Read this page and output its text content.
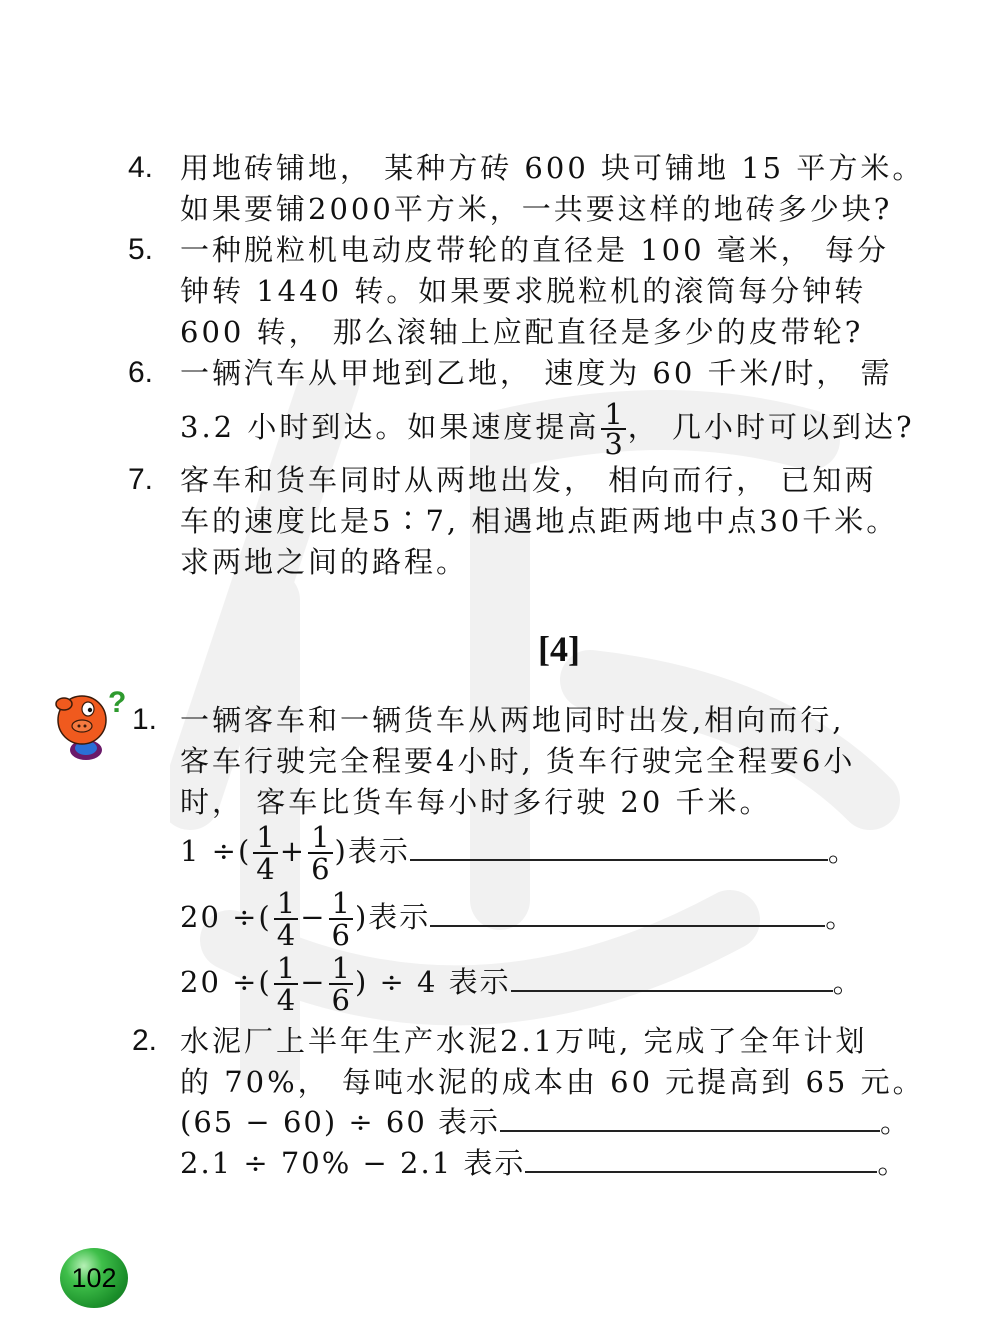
4. 用地砖铺地， 某种方砖 600 块可铺地 15 平方米。
如果要铺2000平方米，一共要这样的地砖多少块?
5. 一种脱粒机电动皮带轮的直径是 100 毫米， 每分
钟转 1440 转。如果要求脱粒机的滚筒每分钟转
600 转， 那么滚轴上应配直径是多少的皮带轮?
6. 一辆汽车从甲地到乙地， 速度为 60 千米/时， 需
3.2 小时到达。如果速度提高 $\frac{1}{3}$ ， 几小时可以到达?
7. 客车和货车同时从两地出发， 相向而行， 已知两
车的速度比是5∶7, 相遇地点距两地中点30千米。
求两地之间的路程。
[4]
?
1. 一辆客车和一辆货车从两地同时出发,相向而行,
客车行驶完全程要4小时, 货车行驶完全程要6小
时， 客车比货车每小时多行驶 20 千米。
1 ÷( $\frac{1}{4} + \frac{1}{6}$ )表示	。
20 ÷( $\frac{1}{4} - \frac{1}{6}$ )表示	。
20 ÷( $\frac{1}{4} - \frac{1}{6}$ ) ÷ 4 表示	。
2. 水泥厂上半年生产水泥2.1万吨, 完成了全年计划
的 70%， 每吨水泥的成本由 60 元提高到 65 元。
(65 − 60) ÷ 60 表示	。
2.1 ÷ 70% − 2.1 表示	。
102
